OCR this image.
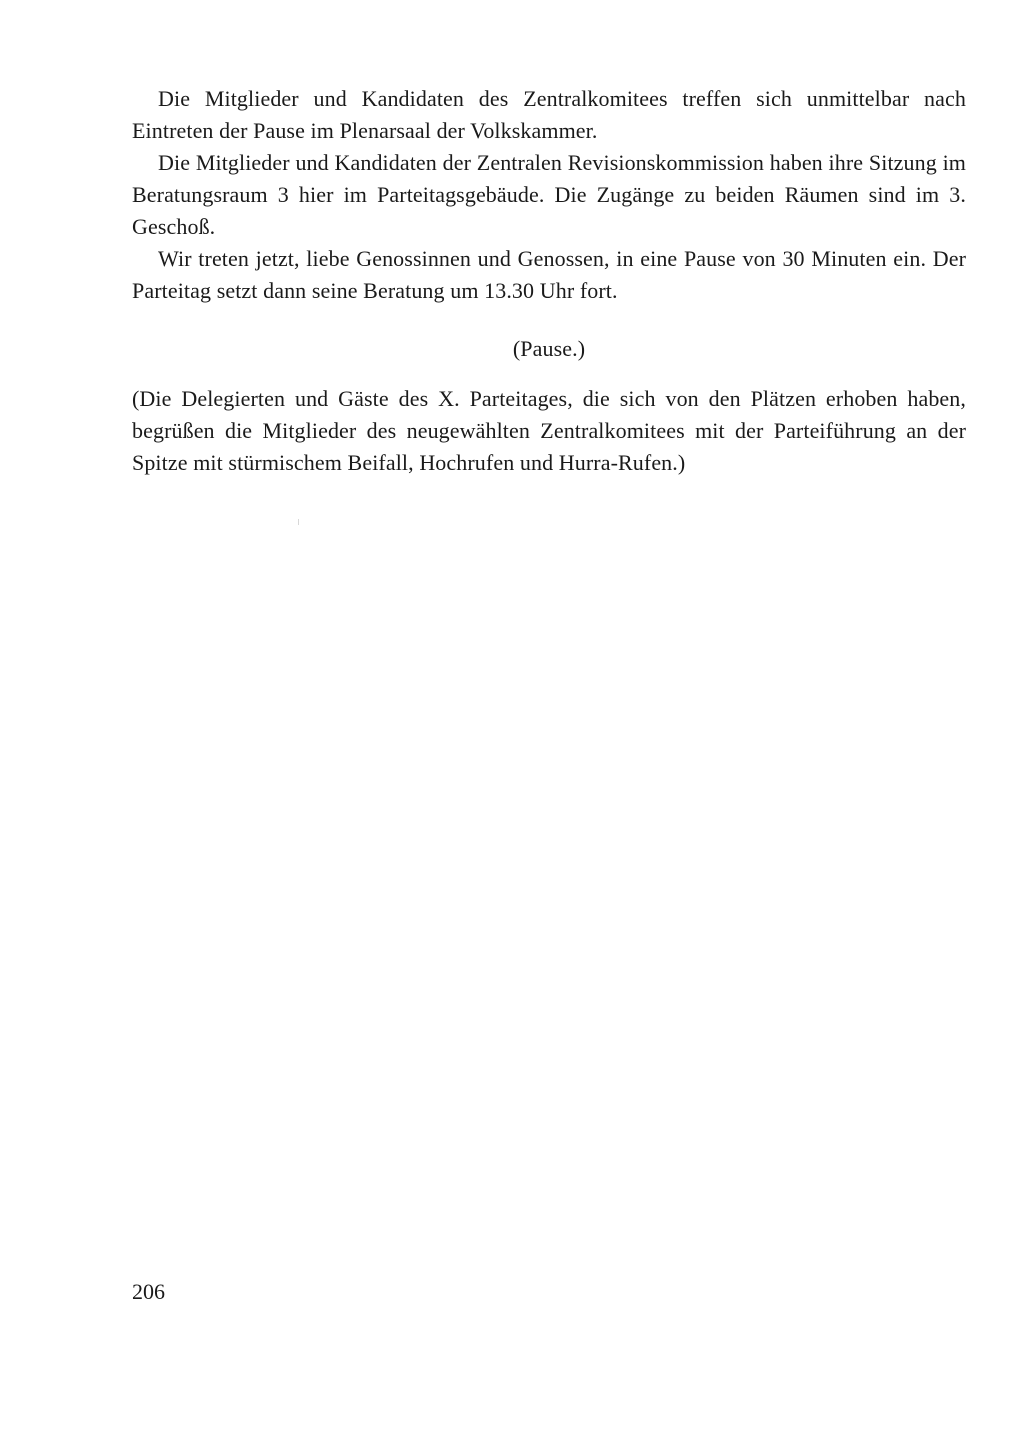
Die Mitglieder und Kandidaten des Zentralkomitees treffen sich unmittelbar nach Eintreten der Pause im Plenarsaal der Volkskammer.

Die Mitglieder und Kandidaten der Zentralen Revisionskommission haben ihre Sitzung im Beratungsraum 3 hier im Parteitagsgebäude. Die Zugänge zu beiden Räumen sind im 3. Geschoß.

Wir treten jetzt, liebe Genossinnen und Genossen, in eine Pause von 30 Minuten ein. Der Parteitag setzt dann seine Beratung um 13.30 Uhr fort.

(Pause.)

(Die Delegierten und Gäste des X. Parteitages, die sich von den Plätzen erhoben haben, begrüßen die Mitglieder des neugewählten Zentralkomitees mit der Parteiführung an der Spitze mit stürmischem Beifall, Hochrufen und Hurra-Rufen.)

206
